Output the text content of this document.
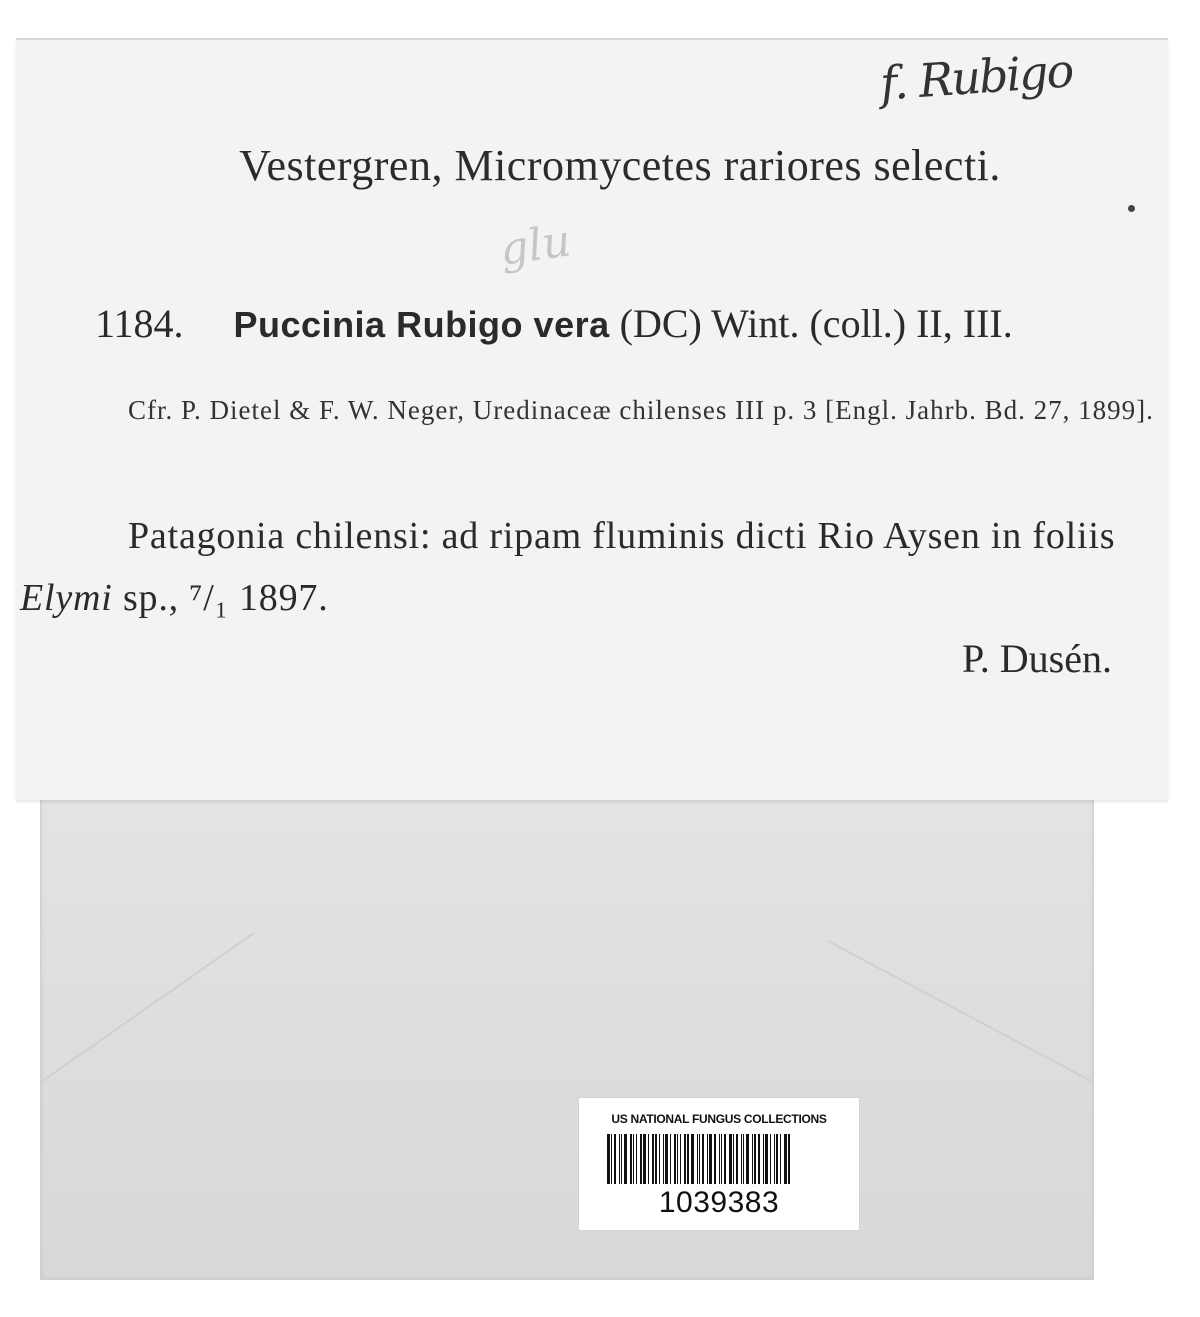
f. Rubigo
glu
Vestergren, Micromycetes rariores selecti.
1184. Puccinia Rubigo vera (DC) Wint. (coll.) II, III.
Cfr. P. Dietel & F. W. Neger, Uredinaceæ chilenses III p. 3 [Engl. Jahrb. Bd. 27, 1899].
Patagonia chilensi: ad ripam fluminis dicti Rio Aysen in foliis Elymi sp., ⁷/₁ 1897.
P. Dusén.
US NATIONAL FUNGUS COLLECTIONS
1039383
